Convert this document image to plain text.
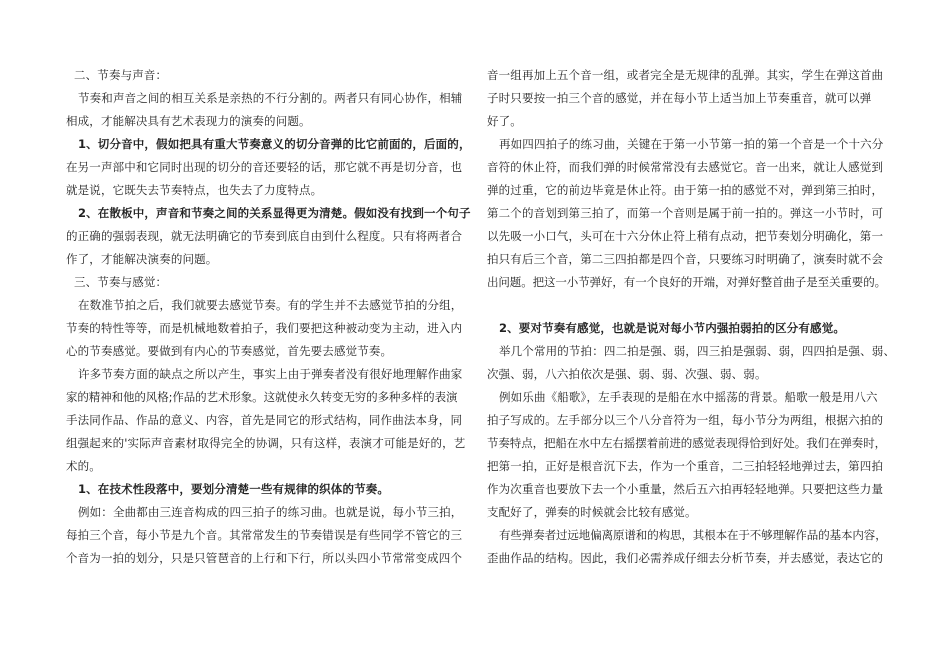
二、节奏与声音：
节奏和声音之间的相互关系是亲热的不行分割的。两者只有同心协作，相辅
相成，才能解决具有艺术表现力的演奏的问题。
1、切分音中，假如把具有重大节奏意义的切分音弹的比它前面的，后面的，
在另一声部中和它同时出现的切分的音还要轻的话，那它就不再是切分音，也
就是说，它既失去节奏特点，也失去了力度特点。
2、在散板中，声音和节奏之间的关系显得更为清楚。假如没有找到一个句子
的正确的强弱表现，就无法明确它的节奏到底自由到什么程度。只有将两者合
作了，才能解决演奏的问题。
三、节奏与感觉：
在数准节拍之后，我们就要去感觉节奏。有的学生并不去感觉节拍的分组，
节奏的特性等等，而是机械地数着拍子，我们要把这种被动变为主动，进入内
心的节奏感觉。要做到有内心的节奏感觉，首先要去感觉节奏。
许多节奏方面的缺点之所以产生，事实上由于弹奏者没有很好地理解作曲家
家的精神和他的风格;作品的艺术形象。这就使永久转变无穷的多种多样的表演
手法同作品、作品的意义、内容，首先是同它的形式结构，同作曲法本身，同
组强起来的'实际声音素材取得完全的协调，只有这样，表演才可能是好的，艺
术的。
1、在技术性段落中，要划分清楚一些有规律的织体的节奏。
例如：全曲都由三连音构成的四三拍子的练习曲。也就是说，每小节三拍，
每拍三个音，每小节是九个音。其常常发生的节奏错误是有些同学不管它的三
个音为一拍的划分，只是只管琶音的上行和下行，所以头四小节常常变成四个
音一组再加上五个音一组，或者完全是无规律的乱弹。其实，学生在弹这首曲
子时只要按一拍三个音的感觉，并在每小节上适当加上节奏重音，就可以弹
好了。
再如四四拍子的练习曲，关键在于第一小节第一拍的第一个音是一个十六分
音符的休止符，而我们弹的时候常常没有去感觉它。音一出来，就让人感觉到
弹的过重，它的前边毕竟是休止符。由于第一拍的感觉不对，弹到第三拍时，
第二个的音划到第三拍了，而第一个音则是属于前一拍的。弹这一小节时，可
以先吸一小口气，头可在十六分休止符上稍有点动，把节奏划分明确化，第一
拍只有后三个音，第二三四拍都是四个音，只要练习时明确了，演奏时就不会
出问题。把这一小节弹好，有一个良好的开端，对弹好整首曲子是至关重要的。
2、要对节奏有感觉，也就是说对每小节内强拍弱拍的区分有感觉。
举几个常用的节拍：四二拍是强、弱，四三拍是强弱、弱，四四拍是强、弱、
次强、弱，八六拍依次是强、弱、弱、次强、弱、弱。
例如乐曲《船歌》，左手表现的是船在水中摇荡的背景。船歌一般是用八六
拍子写成的。左手部分以三个八分音符为一组，每小节分为两组，根据六拍的
节奏特点，把船在水中左右摇摆着前进的感觉表现得恰到好处。我们在弹奏时，
把第一拍，正好是根音沉下去，作为一个重音，二三拍轻轻地弹过去，第四拍
作为次重音也要放下去一个小重量，然后五六拍再轻轻地弹。只要把这些力量
支配好了，弹奏的时候就会比较有感觉。
有些弹奏者过远地偏离原谱和的构思，其根本在于不够理解作品的基本内容，
歪曲作品的结构。因此，我们必需养成仔细去分析节奏，并去感觉，表达它的
